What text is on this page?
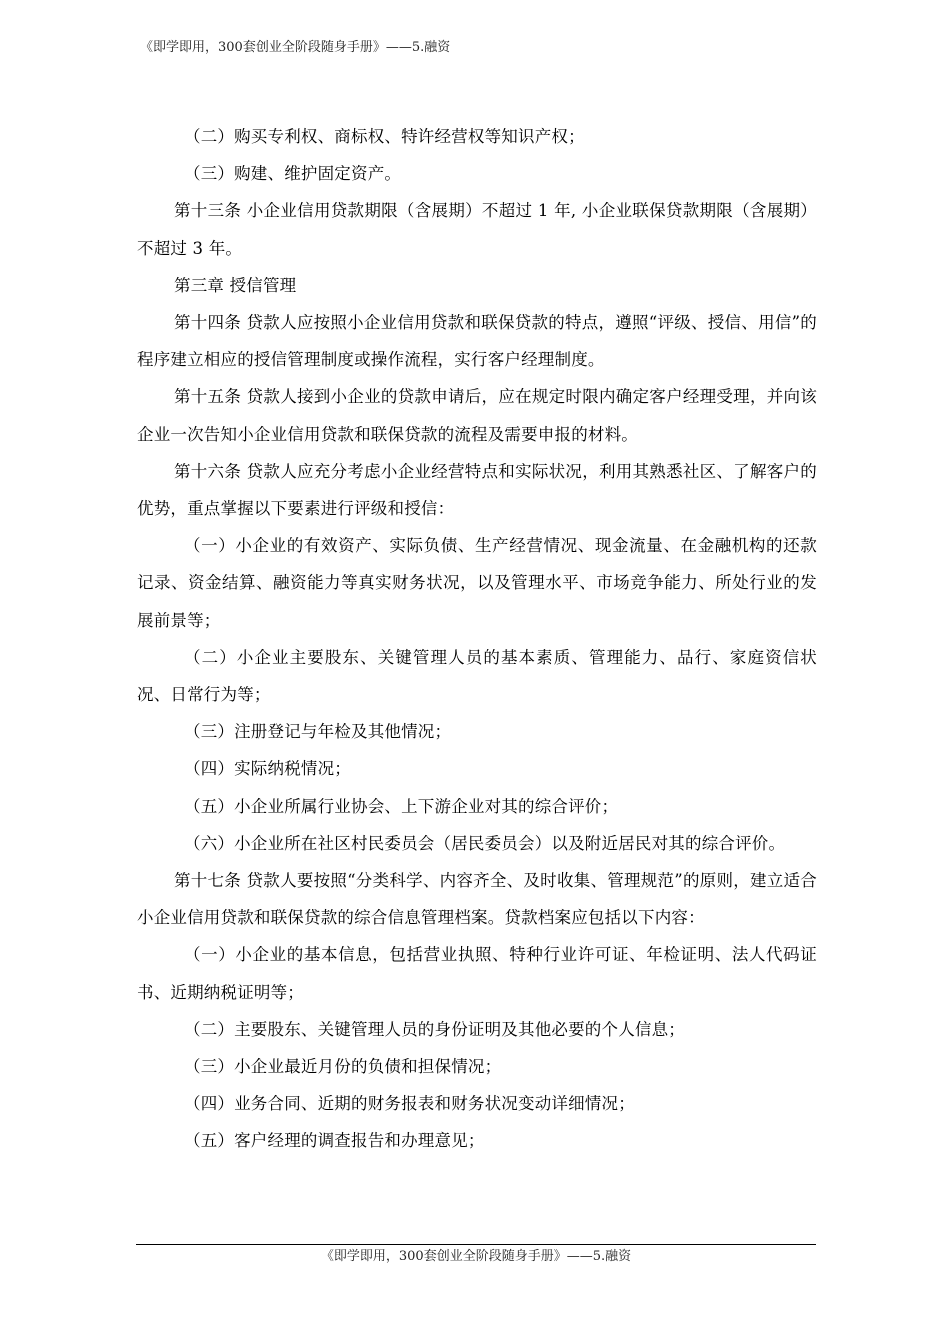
《即学即用，300套创业全阶段随身手册》——5.融资

（二）购买专利权、商标权、特许经营权等知识产权；

（三）购建、维护固定资产。

第十三条 小企业信用贷款期限（含展期）不超过 1 年, 小企业联保贷款期限（含展期）不超过 3 年。

第三章 授信管理

第十四条 贷款人应按照小企业信用贷款和联保贷款的特点，遵照“评级、授信、用信”的程序建立相应的授信管理制度或操作流程，实行客户经理制度。

第十五条 贷款人接到小企业的贷款申请后，应在规定时限内确定客户经理受理，并向该企业一次告知小企业信用贷款和联保贷款的流程及需要申报的材料。

第十六条 贷款人应充分考虑小企业经营特点和实际状况，利用其熟悉社区、了解客户的优势，重点掌握以下要素进行评级和授信：

（一）小企业的有效资产、实际负债、生产经营情况、现金流量、在金融机构的还款记录、资金结算、融资能力等真实财务状况，以及管理水平、市场竞争能力、所处行业的发展前景等；

（二）小企业主要股东、关键管理人员的基本素质、管理能力、品行、家庭资信状况、日常行为等；

（三）注册登记与年检及其他情况；

（四）实际纳税情况；

（五）小企业所属行业协会、上下游企业对其的综合评价；

（六）小企业所在社区村民委员会（居民委员会）以及附近居民对其的综合评价。

第十七条 贷款人要按照“分类科学、内容齐全、及时收集、管理规范”的原则，建立适合小企业信用贷款和联保贷款的综合信息管理档案。贷款档案应包括以下内容：

（一）小企业的基本信息，包括营业执照、特种行业许可证、年检证明、法人代码证书、近期纳税证明等；

（二）主要股东、关键管理人员的身份证明及其他必要的个人信息；

（三）小企业最近月份的负债和担保情况；

（四）业务合同、近期的财务报表和财务状况变动详细情况；

（五）客户经理的调查报告和办理意见；

《即学即用，300套创业全阶段随身手册》——5.融资
